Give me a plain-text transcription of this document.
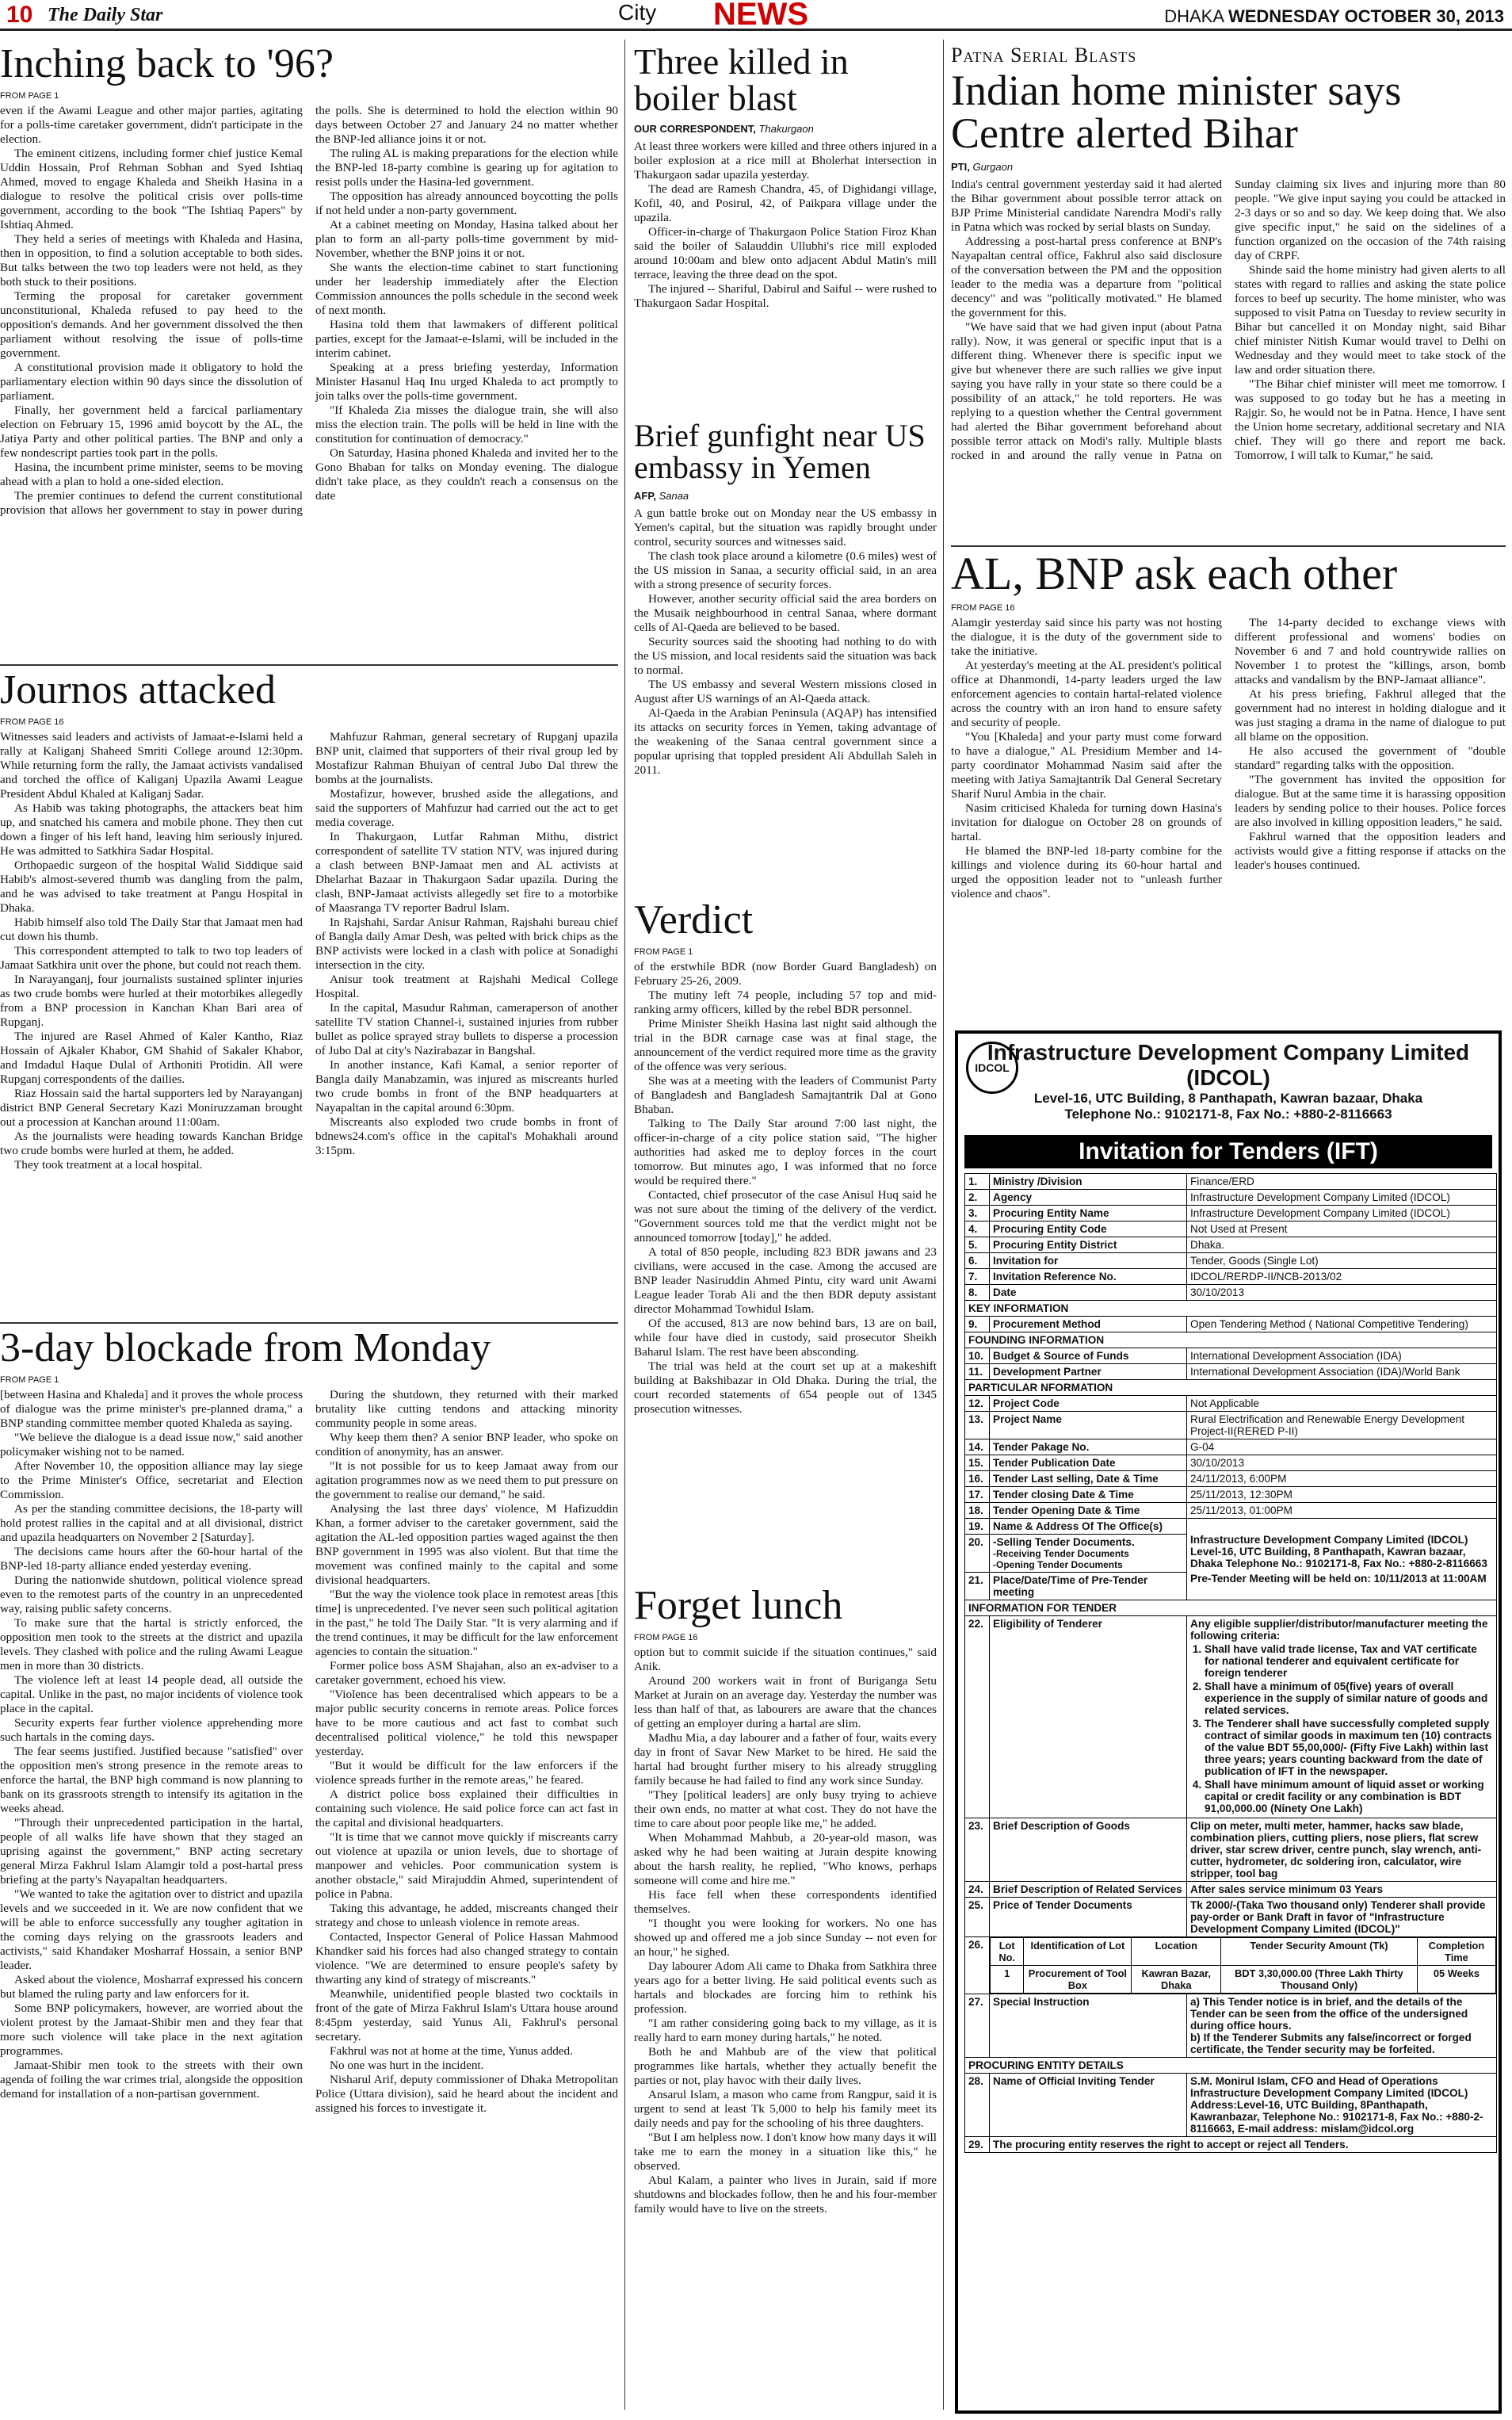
10 The Daily Star	City NEWS	DHAKA WEDNESDAY OCTOBER 30, 2013
Inching back to '96?
FROM PAGE 1

even if the Awami League and other major parties, agitating for a polls-time caretaker government, didn't participate in the election.

The eminent citizens, including former chief justice Kemal Uddin Hossain, Prof Rehman Sobhan and Syed Ishtiaq Ahmed, moved to engage Khaleda and Sheikh Hasina in a dialogue to resolve the political crisis over polls-time government, according to the book "The Ishtiaq Papers" by Ishtiaq Ahmed.

They held a series of meetings with Khaleda and Hasina, then in opposition, to find a solution acceptable to both sides. But talks between the two top leaders were not held, as they both stuck to their positions.

Terming the proposal for caretaker government unconstitutional, Khaleda refused to pay heed to the opposition's demands. And her government dissolved the then parliament without resolving the issue of polls-time government.

A constitutional provision made it obligatory to hold the parliamentary election within 90 days since the dissolution of parliament.

Finally, her government held a farcical parliamentary election on February 15, 1996 amid boycott by the AL, the Jatiya Party and other political parties. The BNP and only a few nondescript parties took part in the polls.

Hasina, the incumbent prime minister, seems to be moving ahead with a plan to hold a one-sided election.

The premier continues to defend the current constitutional provision that allows her government to stay in power during the polls. She is determined to hold the election within 90 days between October 27 and January 24 no matter whether the BNP-led alliance joins it or not.

The ruling AL is making preparations for the election while the BNP-led 18-party combine is gearing up for agitation to resist polls under the Hasina-led government.

The opposition has already announced boycotting the polls if not held under a non-party government.

At a cabinet meeting on Monday, Hasina talked about her plan to form an all-party polls-time government by mid-November, whether the BNP joins it or not.

She wants the election-time cabinet to start functioning under her leadership immediately after the Election Commission announces the polls schedule in the second week of next month.

Hasina told them that lawmakers of different political parties, except for the Jamaat-e-Islami, will be included in the interim cabinet.

Speaking at a press briefing yesterday, Information Minister Hasanul Haq Inu urged Khaleda to act promptly to join talks over the polls-time government.

"If Khaleda Zia misses the dialogue train, she will also miss the election train. The polls will be held in line with the constitution for continuation of democracy."

On Saturday, Hasina phoned Khaleda and invited her to the Gono Bhaban for talks on Monday evening. The dialogue didn't take place, as they couldn't reach a consensus on the date

Journos attacked
FROM PAGE 16

Witnesses said leaders and activists of Jamaat-e-Islami held a rally at Kaliganj Shaheed Smriti College around 12:30pm. While returning form the rally, the Jamaat activists vandalised and torched the office of Kaliganj Upazila Awami League President Abdul Khaled at Kaliganj Sadar.

As Habib was taking photographs, the attackers beat him up, and snatched his camera and mobile phone. They then cut down a finger of his left hand, leaving him seriously injured. He was admitted to Satkhira Sadar Hospital.

Orthopaedic surgeon of the hospital Walid Siddique said Habib's almost-severed thumb was dangling from the palm, and he was advised to take treatment at Pangu Hospital in Dhaka.

Habib himself also told The Daily Star that Jamaat men had cut down his thumb.

This correspondent attempted to talk to two top leaders of Jamaat Satkhira unit over the phone, but could not reach them.

In Narayanganj, four journalists sustained splinter injuries as two crude bombs were hurled at their motorbikes allegedly from a BNP procession in Kanchan Khan Bari area of Rupganj.

The injured are Rasel Ahmed of Kaler Kantho, Riaz Hossain of Ajkaler Khabor, GM Shahid of Sakaler Khabor, and Imdadul Haque Dulal of Arthoniti Protidin. All were Rupganj correspondents of the dailies.

Riaz Hossain said the hartal supporters led by Narayanganj district BNP General Secretary Kazi Moniruzzaman brought out a procession at Kanchan around 11:00am.

As the journalists were heading towards Kanchan Bridge two crude bombs were hurled at them, he added.

They took treatment at a local hospital.

Mahfuzur Rahman, general secretary of Rupganj upazila BNP unit, claimed that supporters of their rival group led by Mostafizur Rahman Bhuiyan of central Jubo Dal threw the bombs at the journalists.

Mostafizur, however, brushed aside the allegations, and said the supporters of Mahfuzur had carried out the act to get media coverage.

In Thakurgaon, Lutfar Rahman Mithu, district correspondent of satellite TV station NTV, was injured during a clash between BNP-Jamaat men and AL activists at Dhelarhat Bazaar in Thakurgaon Sadar upazila. During the clash, BNP-Jamaat activists allegedly set fire to a motorbike of Maasranga TV reporter Badrul Islam.

In Rajshahi, Sardar Anisur Rahman, Rajshahi bureau chief of Bangla daily Amar Desh, was pelted with brick chips as the BNP activists were locked in a clash with police at Sonadighi intersection in the city.

Anisur took treatment at Rajshahi Medical College Hospital.

In the capital, Masudur Rahman, cameraperson of another satellite TV station Channel-i, sustained injuries from rubber bullet as police sprayed stray bullets to disperse a procession of Jubo Dal at city's Nazirabazar in Bangshal.

In another instance, Kafi Kamal, a senior reporter of Bangla daily Manabzamin, was injured as miscreants hurled two crude bombs in front of the BNP headquarters at Nayapaltan in the capital around 6:30pm.

Miscreants also exploded two crude bombs in front of bdnews24.com's office in the capital's Mohakhali around 3:15pm.

3-day blockade from Monday
FROM PAGE 1

[between Hasina and Khaleda] and it proves the whole process of dialogue was the prime minister's pre-planned drama," a BNP standing committee member quoted Khaleda as saying.

"We believe the dialogue is a dead issue now," said another policymaker wishing not to be named.

After November 10, the opposition alliance may lay siege to the Prime Minister's Office, secretariat and Election Commission.

As per the standing committee decisions, the 18-party will hold protest rallies in the capital and at all divisional, district and upazila headquarters on November 2 [Saturday].

The decisions came hours after the 60-hour hartal of the BNP-led 18-party alliance ended yesterday evening.

During the nationwide shutdown, political violence spread even to the remotest parts of the country in an unprecedented way, raising public safety concerns.

To make sure that the hartal is strictly enforced, the opposition men took to the streets at the district and upazila levels. They clashed with police and the ruling Awami League men in more than 30 districts.

The violence left at least 14 people dead, all outside the capital. Unlike in the past, no major incidents of violence took place in the capital.

Security experts fear further violence apprehending more such hartals in the coming days.

The fear seems justified. Justified because "satisfied" over the opposition men's strong presence in the remote areas to enforce the hartal, the BNP high command is now planning to bank on its grassroots strength to intensify its agitation in the weeks ahead.

"Through their unprecedented participation in the hartal, people of all walks life have shown that they staged an uprising against the government," BNP acting secretary general Mirza Fakhrul Islam Alamgir told a post-hartal press briefing at the party's Nayapaltan headquarters.

"We wanted to take the agitation over to district and upazila levels and we succeeded in it. We are now confident that we will be able to enforce successfully any tougher agitation in the coming days relying on the grassroots leaders and activists," said Khandaker Mosharraf Hossain, a senior BNP leader.

Asked about the violence, Mosharraf expressed his concern but blamed the ruling party and law enforcers for it.

Some BNP policymakers, however, are worried about the violent protest by the Jamaat-Shibir men and they fear that more such violence will take place in the next agitation programmes.

Jamaat-Shibir men took to the streets with their own agenda of foiling the war crimes trial, alongside the opposition demand for installation of a non-partisan government.

During the shutdown, they returned with their marked brutality like cutting tendons and attacking minority community people in some areas.

Why keep them then? A senior BNP leader, who spoke on condition of anonymity, has an answer.

"It is not possible for us to keep Jamaat away from our agitation programmes now as we need them to put pressure on the government to realise our demand," he said.

Analysing the last three days' violence, M Hafizuddin Khan, a former adviser to the caretaker government, said the agitation the AL-led opposition parties waged against the then BNP government in 1995 was also violent. But that time the movement was confined mainly to the capital and some divisional headquarters.

"But the way the violence took place in remotest areas [this time] is unprecedented. I've never seen such political agitation in the past," he told The Daily Star. "It is very alarming and if the trend continues, it may be difficult for the law enforcement agencies to contain the situation."

Former police boss ASM Shajahan, also an ex-adviser to a caretaker government, echoed his view.

"Violence has been decentralised which appears to be a major public security concerns in remote areas. Police forces have to be more cautious and act fast to combat such decentralised political violence," he told this newspaper yesterday.

"But it would be difficult for the law enforcers if the violence spreads further in the remote areas," he feared.

A district police boss explained their difficulties in containing such violence. He said police force can act fast in the capital and divisional headquarters.

"It is time that we cannot move quickly if miscreants carry out violence at upazila or union levels, due to shortage of manpower and vehicles. Poor communication system is another obstacle," said Mirajuddin Ahmed, superintendent of police in Pabna.

Taking this advantage, he added, miscreants changed their strategy and chose to unleash violence in remote areas.

Contacted, Inspector General of Police Hassan Mahmood Khandker said his forces had also changed strategy to contain violence. "We are determined to ensure people's safety by thwarting any kind of strategy of miscreants."

Meanwhile, unidentified people blasted two cocktails in front of the gate of Mirza Fakhrul Islam's Uttara house around 8:45pm yesterday, said Yunus Ali, Fakhrul's personal secretary.

Fakhrul was not at home at the time, Yunus added.

No one was hurt in the incident.

Nisharul Arif, deputy commissioner of Dhaka Metropolitan Police (Uttara division), said he heard about the incident and assigned his forces to investigate it.

Three killed in boiler blast
OUR CORRESPONDENT, Thakurgaon

At least three workers were killed and three others injured in a boiler explosion at a rice mill at Bholerhat intersection in Thakurgaon sadar upazila yesterday.

The dead are Ramesh Chandra, 45, of Dighidangi village, Kofil, 40, and Posirul, 42, of Paikpara village under the upazila.

Officer-in-charge of Thakurgaon Police Station Firoz Khan said the boiler of Salauddin Ullubhi's rice mill exploded around 10:00am and blew onto adjacent Abdul Matin's mill terrace, leaving the three dead on the spot.

The injured -- Shariful, Dabirul and Saiful -- were rushed to Thakurgaon Sadar Hospital.

Brief gunfight near US embassy in Yemen
AFP, Sanaa

A gun battle broke out on Monday near the US embassy in Yemen's capital, but the situation was rapidly brought under control, security sources and witnesses said.

The clash took place around a kilometre (0.6 miles) west of the US mission in Sanaa, a security official said, in an area with a strong presence of security forces.

However, another security official said the area borders on the Musaik neighbourhood in central Sanaa, where dormant cells of Al-Qaeda are believed to be based.

Security sources said the shooting had nothing to do with the US mission, and local residents said the situation was back to normal.

The US embassy and several Western missions closed in August after US warnings of an Al-Qaeda attack.

Al-Qaeda in the Arabian Peninsula (AQAP) has intensified its attacks on security forces in Yemen, taking advantage of the weakening of the Sanaa central government since a popular uprising that toppled president Ali Abdullah Saleh in 2011.

Verdict
FROM PAGE 1

of the erstwhile BDR (now Border Guard Bangladesh) on February 25-26, 2009.

The mutiny left 74 people, including 57 top and mid-ranking army officers, killed by the rebel BDR personnel.

Prime Minister Sheikh Hasina last night said although the trial in the BDR carnage case was at final stage, the announcement of the verdict required more time as the gravity of the offence was very serious.

She was at a meeting with the leaders of Communist Party of Bangladesh and Bangladesh Samajtantrik Dal at Gono Bhaban.

Talking to The Daily Star around 7:00 last night, the officer-in-charge of a city police station said, "The higher authorities had asked me to deploy forces in the court tomorrow. But minutes ago, I was informed that no force would be required there."

Contacted, chief prosecutor of the case Anisul Huq said he was not sure about the timing of the delivery of the verdict. "Government sources told me that the verdict might not be announced tomorrow [today]," he added.

A total of 850 people, including 823 BDR jawans and 23 civilians, were accused in the case. Among the accused are BNP leader Nasiruddin Ahmed Pintu, city ward unit Awami League leader Torab Ali and the then BDR deputy assistant director Mohammad Towhidul Islam.

Of the accused, 813 are now behind bars, 13 are on bail, while four have died in custody, said prosecutor Sheikh Baharul Islam. The rest have been absconding.

The trial was held at the court set up at a makeshift building at Bakshibazar in Old Dhaka. During the trial, the court recorded statements of 654 people out of 1345 prosecution witnesses.

Forget lunch
FROM PAGE 16

option but to commit suicide if the situation continues," said Anik.

Around 200 workers wait in front of Buriganga Setu Market at Jurain on an average day. Yesterday the number was less than half of that, as labourers are aware that the chances of getting an employer during a hartal are slim.

Madhu Mia, a day labourer and a father of four, waits every day in front of Savar New Market to be hired. He said the hartal had brought further misery to his already struggling family because he had failed to find any work since Sunday.

"They [political leaders] are only busy trying to achieve their own ends, no matter at what cost. They do not have the time to care about poor people like me," he added.

When Mohammad Mahbub, a 20-year-old mason, was asked why he had been waiting at Jurain despite knowing about the harsh reality, he replied, "Who knows, perhaps someone will come and hire me."

His face fell when these correspondents identified themselves.

"I thought you were looking for workers. No one has showed up and offered me a job since Sunday -- not even for an hour," he sighed.

Day labourer Adom Ali came to Dhaka from Satkhira three years ago for a better living. He said political events such as hartals and blockades are forcing him to rethink his profession.

"I am rather considering going back to my village, as it is really hard to earn money during hartals," he noted.

Both he and Mahbub are of the view that political programmes like hartals, whether they actually benefit the parties or not, play havoc with their daily lives.

Ansarul Islam, a mason who came from Rangpur, said it is urgent to send at least Tk 5,000 to help his family meet its daily needs and pay for the schooling of his three daughters.

"But I am helpless now. I don't know how many days it will take me to earn the money in a situation like this," he observed.

Abul Kalam, a painter who lives in Jurain, said if more shutdowns and blockades follow, then he and his four-member family would have to live on the streets.

Patna Serial Blasts
Indian home minister says Centre alerted Bihar
PTI, Gurgaon

India's central government yesterday said it had alerted the Bihar government about possible terror attack on BJP Prime Ministerial candidate Narendra Modi's rally in Patna which was rocked by serial blasts on Sunday.

Addressing a post-hartal press conference at BNP's Nayapaltan central office, Fakhrul also said disclosure of the conversation between the PM and the opposition leader to the media was a departure from "political decency" and was "politically motivated." He blamed the government for this.

"We have said that we had given input (about Patna rally). Now, it was general or specific input that is a different thing. Whenever there is specific input we give but whenever there are such rallies we give input saying you have rally in your state so there could be a possibility of an attack," he told reporters. He was replying to a question whether the Central government had alerted the Bihar government beforehand about possible terror attack on Modi's rally. Multiple blasts rocked in and around the rally venue in Patna on Sunday claiming six lives and injuring more than 80 people. "We give input saying you could be attacked in 2-3 days or so and so day. We keep doing that. We also give specific input," he said on the sidelines of a function organized on the occasion of the 74th raising day of CRPF.

Shinde said the home ministry had given alerts to all states with regard to rallies and asking the state police forces to beef up security. The home minister, who was supposed to visit Patna on Tuesday to review security in Bihar but cancelled it on Monday night, said Bihar chief minister Nitish Kumar would travel to Delhi on Wednesday and they would meet to take stock of the law and order situation there.

"The Bihar chief minister will meet me tomorrow. I was supposed to go today but he has a meeting in Rajgir. So, he would not be in Patna. Hence, I have sent the Union home secretary, additional secretary and NIA chief. They will go there and report me back. Tomorrow, I will talk to Kumar," he said.

AL, BNP ask each other
FROM PAGE 16

Alamgir yesterday said since his party was not hosting the dialogue, it is the duty of the government side to take the initiative.

At yesterday's meeting at the AL president's political office at Dhanmondi, 14-party leaders urged the law enforcement agencies to contain hartal-related violence across the country with an iron hand to ensure safety and security of people.

"You [Khaleda] and your party must come forward to have a dialogue," AL Presidium Member and 14-party coordinator Mohammad Nasim said after the meeting with Jatiya Samajtantrik Dal General Secretary Sharif Nurul Ambia in the chair.

Nasim criticised Khaleda for turning down Hasina's invitation for dialogue on October 28 on grounds of hartal.

He blamed the BNP-led 18-party combine for the killings and violence during its 60-hour hartal and urged the opposition leader not to "unleash further violence and chaos".

The 14-party decided to exchange views with different professional and womens' bodies on November 6 and 7 and hold countrywide rallies on November 1 to protest the "killings, arson, bomb attacks and vandalism by the BNP-Jamaat alliance".

At his press briefing, Fakhrul alleged that the government had no interest in holding dialogue and it was just staging a drama in the name of dialogue to put all blame on the opposition.

He also accused the government of "double standard" regarding talks with the opposition.

"The government has invited the opposition for dialogue. But at the same time it is harassing opposition leaders by sending police to their houses. Police forces are also involved in killing opposition leaders," he said.

Fakhrul warned that the opposition leaders and activists would give a fitting response if attacks on the leader's houses continued.

IDCOL
Infrastructure Development Company Limited (IDCOL)
Level-16, UTC Building, 8 Panthapath, Kawran bazaar, Dhaka
Telephone No.: 9102171-8, Fax No.: +880-2-8116663
Invitation for Tenders (IFT)
1.	Ministry /Division	Finance/ERD
2.	Agency	Infrastructure Development Company Limited (IDCOL)
3.	Procuring Entity Name	Infrastructure Development Company Limited (IDCOL)
4.	Procuring Entity Code	Not Used at Present
5.	Procuring Entity District	Dhaka.
6.	Invitation for	Tender, Goods (Single Lot)
7.	Invitation Reference No.	IDCOL/RERDP-II/NCB-2013/02
8.	Date	30/10/2013
KEY INFORMATION
9.	Procurement Method	Open Tendering Method ( National Competitive Tendering)
FOUNDING INFORMATION
10.	Budget & Source of Funds	International Development Association (IDA)
11.	Development Partner	International Development Association (IDA)/World Bank
PARTICULAR NFORMATION
12.	Project Code	Not Applicable
13.	Project Name	Rural Electrification and Renewable Energy Development Project-II(RERED P-II)
14.	Tender Pakage No.	G-04
15.	Tender Publication Date	30/10/2013
16.	Tender Last selling, Date & Time	24/11/2013, 6:00PM
17.	Tender closing Date & Time	25/11/2013, 12:30PM
18.	Tender Opening Date & Time	25/11/2013, 01:00PM
19.	Name & Address Of The Office(s)	
Infrastructure Development Company Limited (IDCOL) Level-16, UTC Building, 8 Panthapath, Kawran bazaar, Dhaka Telephone No.: 9102171-8, Fax No.: +880-2-8116663
Pre-Tender Meeting will be held on: 10/11/2013 at 11:00AM

20.	-Selling Tender Documents.
-Receiving Tender Documents
-Opening Tender Documents

21.	Place/Date/Time of Pre-Tender meeting
INFORMATION FOR TENDER
22.	Eligibility of Tenderer	Any eligible supplier/distributor/manufacturer meeting the following criteria:
1. Shall have valid trade license, Tax and VAT certificate for national tenderer and equivalent certificate for foreign tenderer
2. Shall have a minimum of 05(five) years of overall experience in the supply of similar nature of goods and related services.
3. The Tenderer shall have successfully completed supply contract of similar goods in maximum ten (10) contracts of the value BDT 55,00,000/- (Fifty Five Lakh) within last three years; years counting backward from the date of publication of IFT in the newspaper.
4. Shall have minimum amount of liquid asset or working capital or credit facility or any combination is BDT 91,00,000.00 (Ninety One Lakh)

23.	Brief Description of Goods	Clip on meter, multi meter, hammer, hacks saw blade, combination pliers, cutting pliers, nose pliers, flat screw driver, star screw driver, centre punch, slay wrench, anti-cutter, hydrometer, dc soldering iron, calculator, wire stripper, tool bag
24.	Brief Description of Related Services	After sales service minimum 03 Years
25.	Price of Tender Documents	Tk 2000/-(Taka Two thousand only) Tenderer shall provide pay-order or Bank Draft in favor of "Infrastructure Development Company Limited (IDCOL)"
26.	Lot No.	Identification of Lot	Location	Tender Security Amount (Tk)	Completion Time
1	Procurement of Tool Box	Kawran Bazar, Dhaka	BDT 3,30,000.00 (Three Lakh Thirty Thousand Only)	05 Weeks

27.	Special Instruction	a) This Tender notice is in brief, and the details of the Tender can be seen from the office of the undersigned during office hours.
b) If the Tenderer Submits any false/incorrect or forged certificate, the Tender security may be forfeited.

PROCURING ENTITY DETAILS
28.	Name of Official Inviting Tender	S.M. Monirul Islam, CFO and Head of Operations Infrastructure Development Company Limited (IDCOL) Address:Level-16, UTC Building, 8Panthapath, Kawranbazar, Telephone No.: 9102171-8, Fax No.: +880-2-8116663, E-mail address: mislam@idcol.org
29.	The procuring entity reserves the right to accept or reject all Tenders.
